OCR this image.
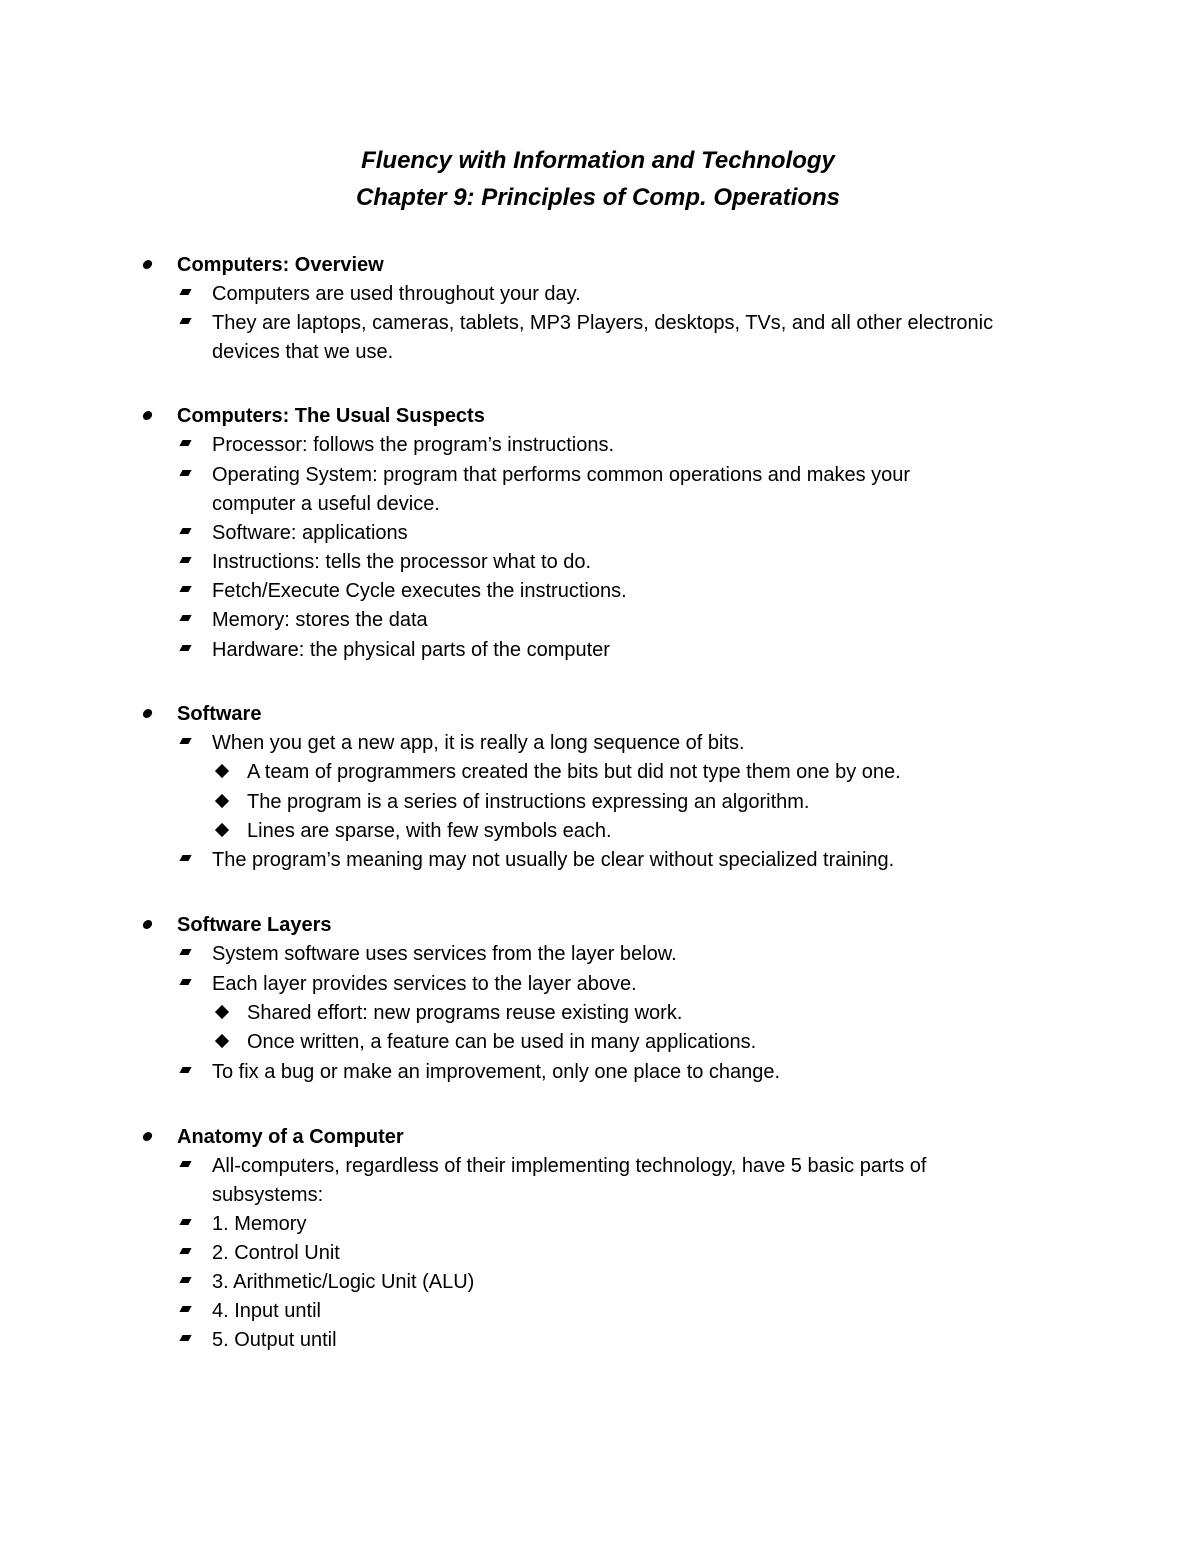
Fluency with Information and Technology
Chapter 9: Principles of Comp. Operations
Computers: Overview
Computers are used throughout your day.
They are laptops, cameras, tablets, MP3 Players, desktops, TVs, and all other electronic
devices that we use.
Computers: The Usual Suspects
Processor: follows the program’s instructions.
Operating System: program that performs common operations and makes your
computer a useful device.
Software: applications
Instructions: tells the processor what to do.
Fetch/Execute Cycle executes the instructions.
Memory: stores the data
Hardware: the physical parts of the computer
Software
When you get a new app, it is really a long sequence of bits.
A team of programmers created the bits but did not type them one by one.
The program is a series of instructions expressing an algorithm.
Lines are sparse, with few symbols each.
The program’s meaning may not usually be clear without specialized training.
Software Layers
System software uses services from the layer below.
Each layer provides services to the layer above.
Shared effort: new programs reuse existing work.
Once written, a feature can be used in many applications.
To fix a bug or make an improvement, only one place to change.
Anatomy of a Computer
All-computers, regardless of their implementing technology, have 5 basic parts of
subsystems:
1. Memory
2. Control Unit
3. Arithmetic/Logic Unit (ALU)
4. Input until
5. Output until
